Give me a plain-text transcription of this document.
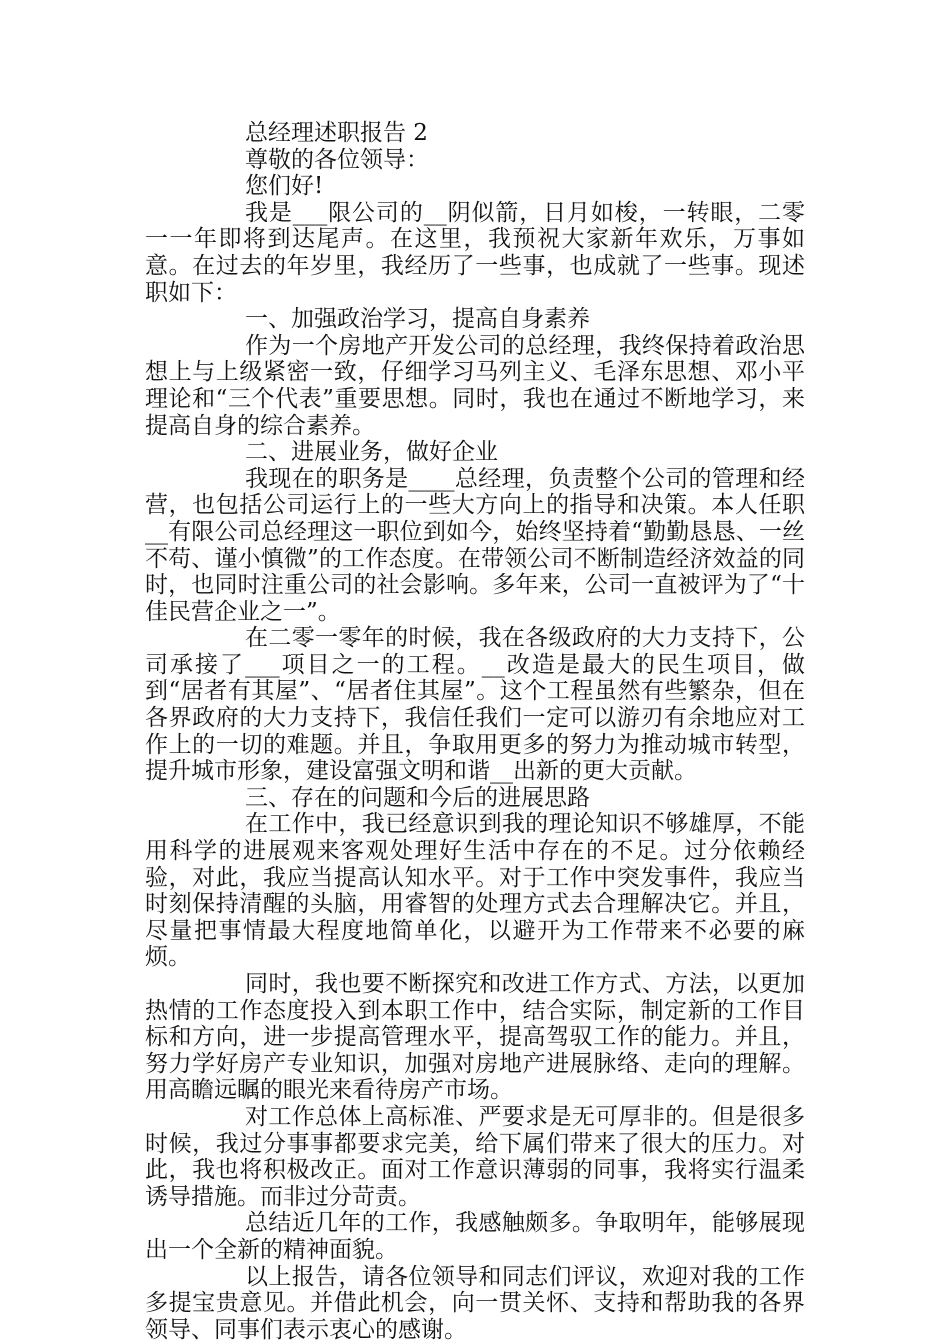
总经理述职报告 2

尊敬的各位领导：

您们好!

我是___限公司的__阴似箭，日月如梭，一转眼，二零一一年即将到达尾声。在这里，我预祝大家新年欢乐，万事如意。在过去的年岁里，我经历了一些事，也成就了一些事。现述职如下：

一、加强政治学习，提高自身素养

作为一个房地产开发公司的总经理，我终保持着政治思想上与上级紧密一致，仔细学习马列主义、毛泽东思想、邓小平理论和“三个代表”重要思想。同时，我也在通过不断地学习，来提高自身的综合素养。

二、进展业务，做好企业

我现在的职务是____总经理，负责整个公司的管理和经营，也包括公司运行上的一些大方向上的指导和决策。本人任职__有限公司总经理这一职位到如今，始终坚持着“勤勤恳恳、一丝不苟、谨小慎微”的工作态度。在带领公司不断制造经济效益的同时，也同时注重公司的社会影响。多年来，公司一直被评为了“十佳民营企业之一”。

在二零一零年的时候，我在各级政府的大力支持下，公司承接了___项目之一的工程。__改造是最大的民生项目，做到“居者有其屋”、“居者住其屋”。这个工程虽然有些繁杂，但在各界政府的大力支持下，我信任我们一定可以游刃有余地应对工作上的一切的难题。并且，争取用更多的努力为推动城市转型，提升城市形象，建设富强文明和谐__出新的更大贡献。

三、存在的问题和今后的进展思路

在工作中，我已经意识到我的理论知识不够雄厚，不能用科学的进展观来客观处理好生活中存在的不足。过分依赖经验，对此，我应当提高认知水平。对于工作中突发事件，我应当时刻保持清醒的头脑，用睿智的处理方式去合理解决它。并且，尽量把事情最大程度地简单化，以避开为工作带来不必要的麻烦。

同时，我也要不断探究和改进工作方式、方法，以更加热情的工作态度投入到本职工作中，结合实际，制定新的工作目标和方向，进一步提高管理水平，提高驾驭工作的能力。并且，努力学好房产专业知识，加强对房地产进展脉络、走向的理解。用高瞻远瞩的眼光来看待房产市场。

对工作总体上高标准、严要求是无可厚非的。但是很多时候，我过分事事都要求完美，给下属们带来了很大的压力。对此，我也将积极改正。面对工作意识薄弱的同事，我将实行温柔诱导措施。而非过分苛责。

总结近几年的工作，我感触颇多。争取明年，能够展现出一个全新的精神面貌。

以上报告，请各位领导和同志们评议，欢迎对我的工作多提宝贵意见。并借此机会，向一贯关怀、支持和帮助我的各界领导、同事们表示衷心的感谢。
